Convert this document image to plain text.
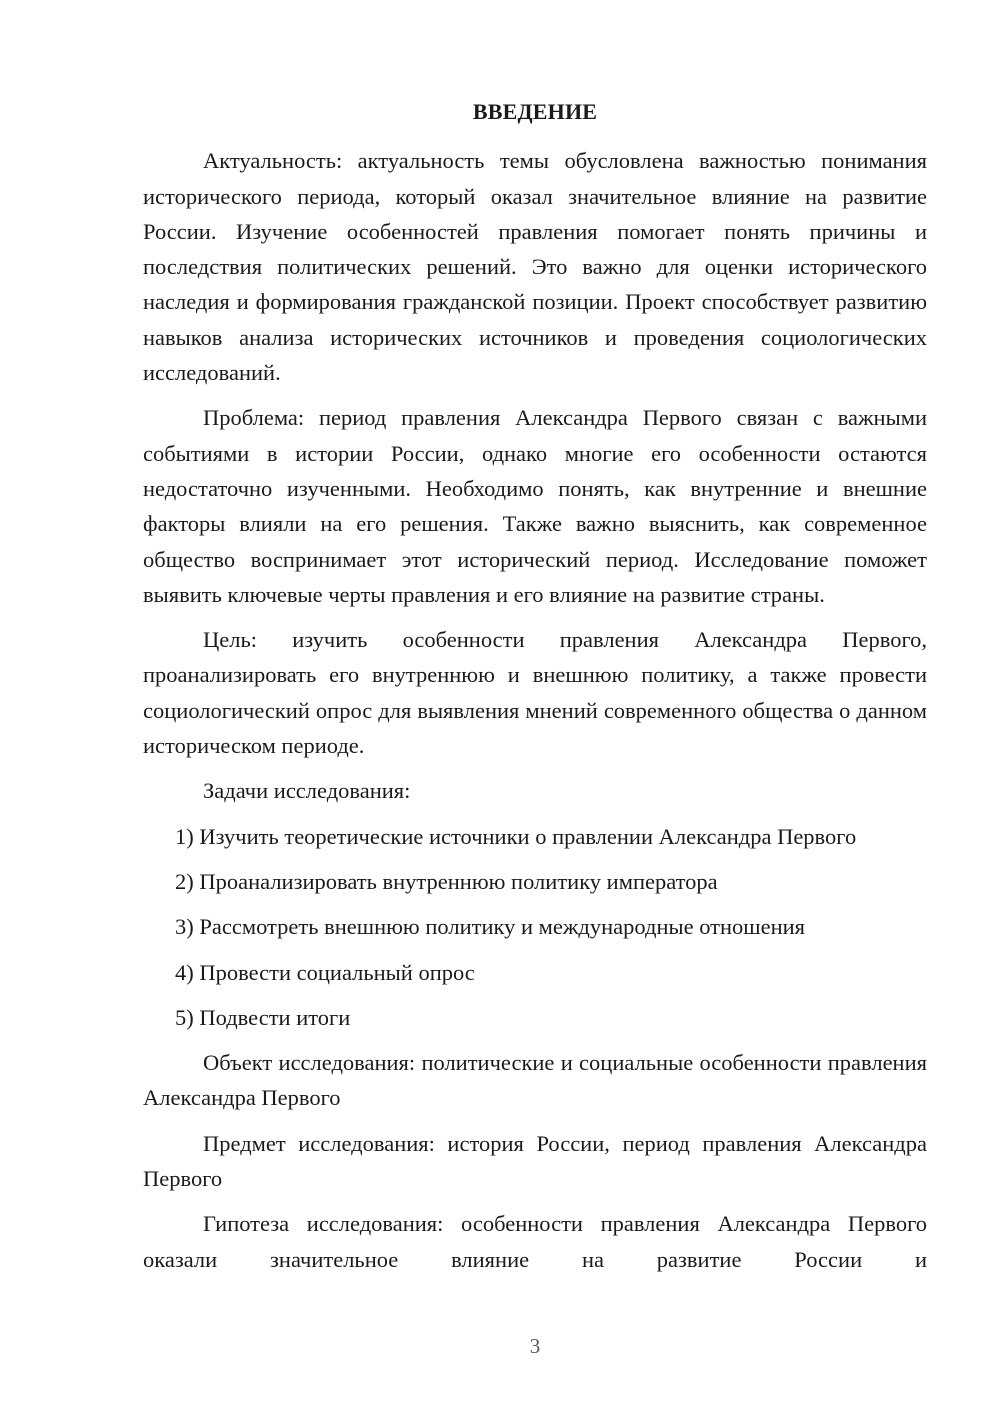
ВВЕДЕНИЕ

Актуальность: актуальность темы обусловлена важностью понимания исторического периода, который оказал значительное влияние на развитие России. Изучение особенностей правления помогает понять причины и последствия политических решений. Это важно для оценки исторического наследия и формирования гражданской позиции. Проект способствует развитию навыков анализа исторических источников и проведения социологических исследований.

Проблема: период правления Александра Первого связан с важными событиями в истории России, однако многие его особенности остаются недостаточно изученными. Необходимо понять, как внутренние и внешние факторы влияли на его решения. Также важно выяснить, как современное общество воспринимает этот исторический период. Исследование поможет выявить ключевые черты правления и его влияние на развитие страны.

Цель: изучить особенности правления Александра Первого, проанализировать его внутреннюю и внешнюю политику, а также провести социологический опрос для выявления мнений современного общества о данном историческом периоде.

Задачи исследования:
1) Изучить теоретические источники о правлении Александра Первого
2) Проанализировать внутреннюю политику императора
3) Рассмотреть внешнюю политику и международные отношения
4) Провести социальный опрос
5) Подвести итоги

Объект исследования: политические и социальные особенности правления Александра Первого

Предмет исследования: история России, период правления Александра Первого

Гипотеза исследования: особенности правления Александра Первого оказали значительное влияние на развитие России и

3
